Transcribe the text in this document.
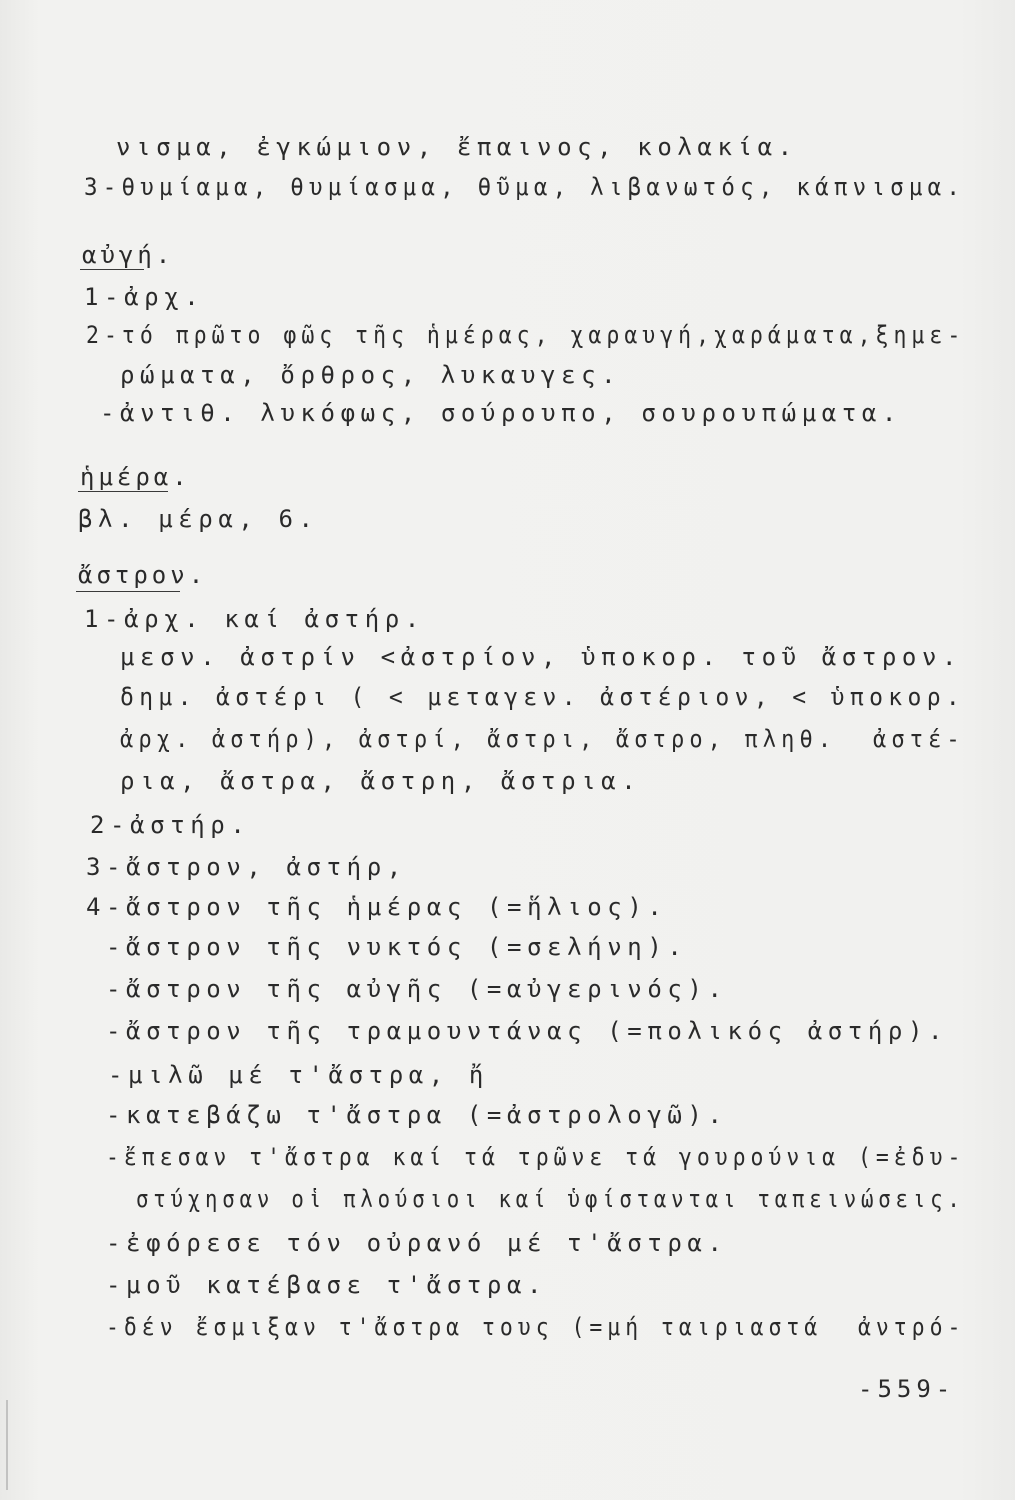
νισμα, ἐγκώμιον, ἔπαινος, κολακία.
3-θυμίαμα, θυμίασμα, θῦμα, λιβανωτός, κάπνισμα.
αὐγή.
1-ἀρχ.
2-τό πρῶτο φῶς τῆς ἡμέρας, χαραυγή,χαράματα,ξημε-
ρώματα, ὄρθρος, λυκαυγες.
-ἀντιθ. λυκόφως, σούρουπο, σουρουπώματα.
ἡμέρα.
βλ. μέρα, 6.
ἄστρον.
1-ἀρχ. καί ἀστήρ.
μεσν. ἀστρίν <ἀστρίον, ὑποκορ. τοῦ ἄστρον.
δημ. ἀστέρι ( < μεταγεν. ἀστέριον, < ὑποκορ.
ἀρχ. ἀστήρ), ἀστρί, ἄστρι, ἄστρο, πληθ.  ἀστέ-
ρια, ἄστρα, ἄστρη, ἄστρια.
2-ἀστήρ.
3-ἄστρον, ἀστήρ,
4-ἄστρον τῆς ἡμέρας (=ἥλιος).
-ἄστρον τῆς νυκτός (=σελήνη).
-ἄστρον τῆς αὐγῆς (=αὐγερινός).
-ἄστρον τῆς τραμουντάνας (=πολικός ἀστήρ).
-μιλῶ μέ τ'ἄστρα, ἤ
-κατεβάζω τ'ἄστρα (=ἀστρολογῶ).
-ἔπεσαν τ'ἄστρα καί τά τρῶνε τά γουρούνια (=ἐδυ-
στύχησαν οἱ πλούσιοι καί ὑφίστανται ταπεινώσεις.
-ἐφόρεσε τόν οὐρανό μέ τ'ἄστρα.
-μοῦ κατέβασε τ'ἄστρα.
-δέν ἔσμιξαν τ'ἄστρα τους (=μή ταιριαστά  ἀντρό-
-559-
